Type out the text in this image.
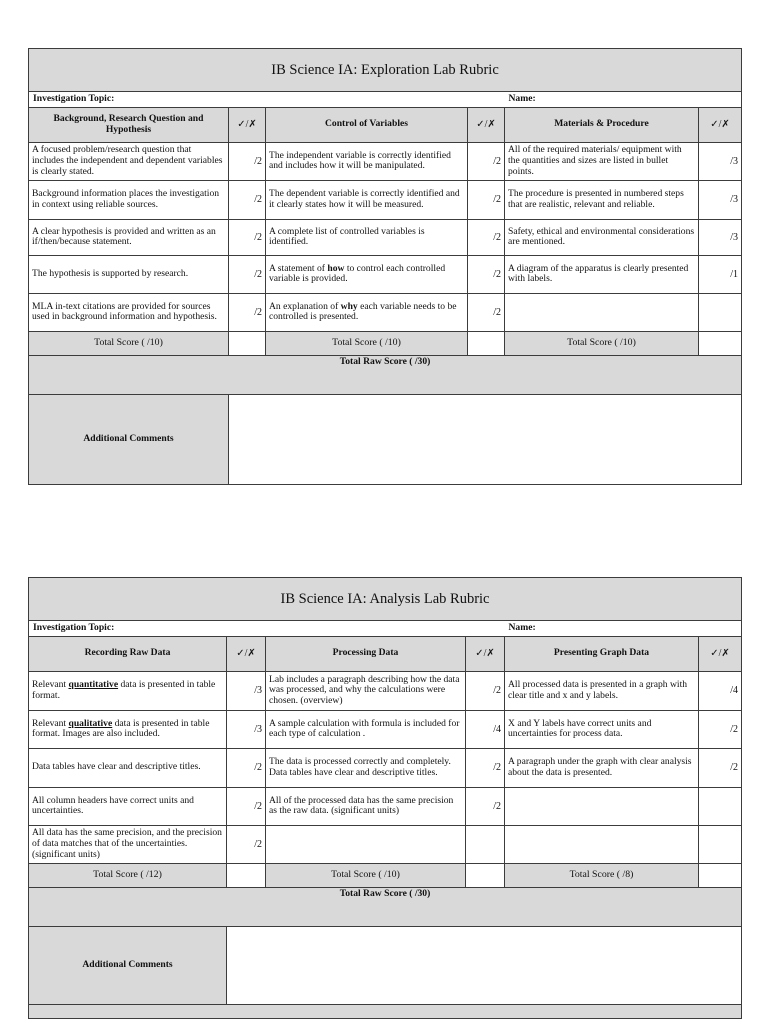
IB Science IA: Exploration Lab Rubric					
Investigation Topic:				Name:	
Background, Research Question and Hypothesis	✓/✗	Control of Variables	✓/✗	Materials & Procedure	✓/✗
A focused problem/research question that includes the independent and dependent variables is clearly stated.	/2	The independent variable is correctly identified and includes how it will be manipulated.	/2	All of the required materials/ equipment with the quantities and sizes are listed in bullet points.	/3
Background information places the investigation in context using reliable sources.	/2	The dependent variable is correctly identified and it clearly states how it will be measured.	/2	The procedure is presented in numbered steps that are realistic, relevant and reliable.	/3
A clear hypothesis is provided and written as an if/then/because statement.	/2	A complete list of controlled variables is identified.	/2	Safety, ethical and environmental considerations are mentioned.	/3
The hypothesis is supported by research.	/2	A statement of how to control each controlled variable is provided.	/2	A diagram of the apparatus is clearly presented with labels.	/1
MLA in-text citations are provided for sources used in background information and hypothesis.	/2	An explanation of why each variable needs to be controlled is presented.	/2		
Total Score ( /10)		Total Score ( /10)		Total Score ( /10)	
Total Raw Score ( /30)					
Additional Comments					
IB Science IA: Analysis Lab Rubric					
Investigation Topic:				Name:	
Recording Raw Data	✓/✗	Processing Data	✓/✗	Presenting Graph Data	✓/✗
Relevant quantitative data is presented in table format.	/3	Lab includes a paragraph describing how the data was processed, and why the calculations were chosen. (overview)	/2	All processed data is presented in a graph with clear title and x and y labels.	/4
Relevant qualitative data is presented in table format. Images are also included.	/3	A sample calculation with formula is included for each type of calculation .	/4	X and Y labels have correct units and uncertainties for process data.	/2
Data tables have clear and descriptive titles.	/2	The data is processed correctly and completely. Data tables have clear and descriptive titles.	/2	A paragraph under the graph with clear analysis about the data is presented.	/2
All column headers have correct units and uncertainties.	/2	All of the processed data has the same precision as the raw data. (significant units)	/2		
All data has the same precision, and the precision of data matches that of the uncertainties. (significant units)	/2				
Total Score ( /12)		Total Score ( /10)		Total Score ( /8)	
Total Raw Score ( /30)					
Additional Comments					
